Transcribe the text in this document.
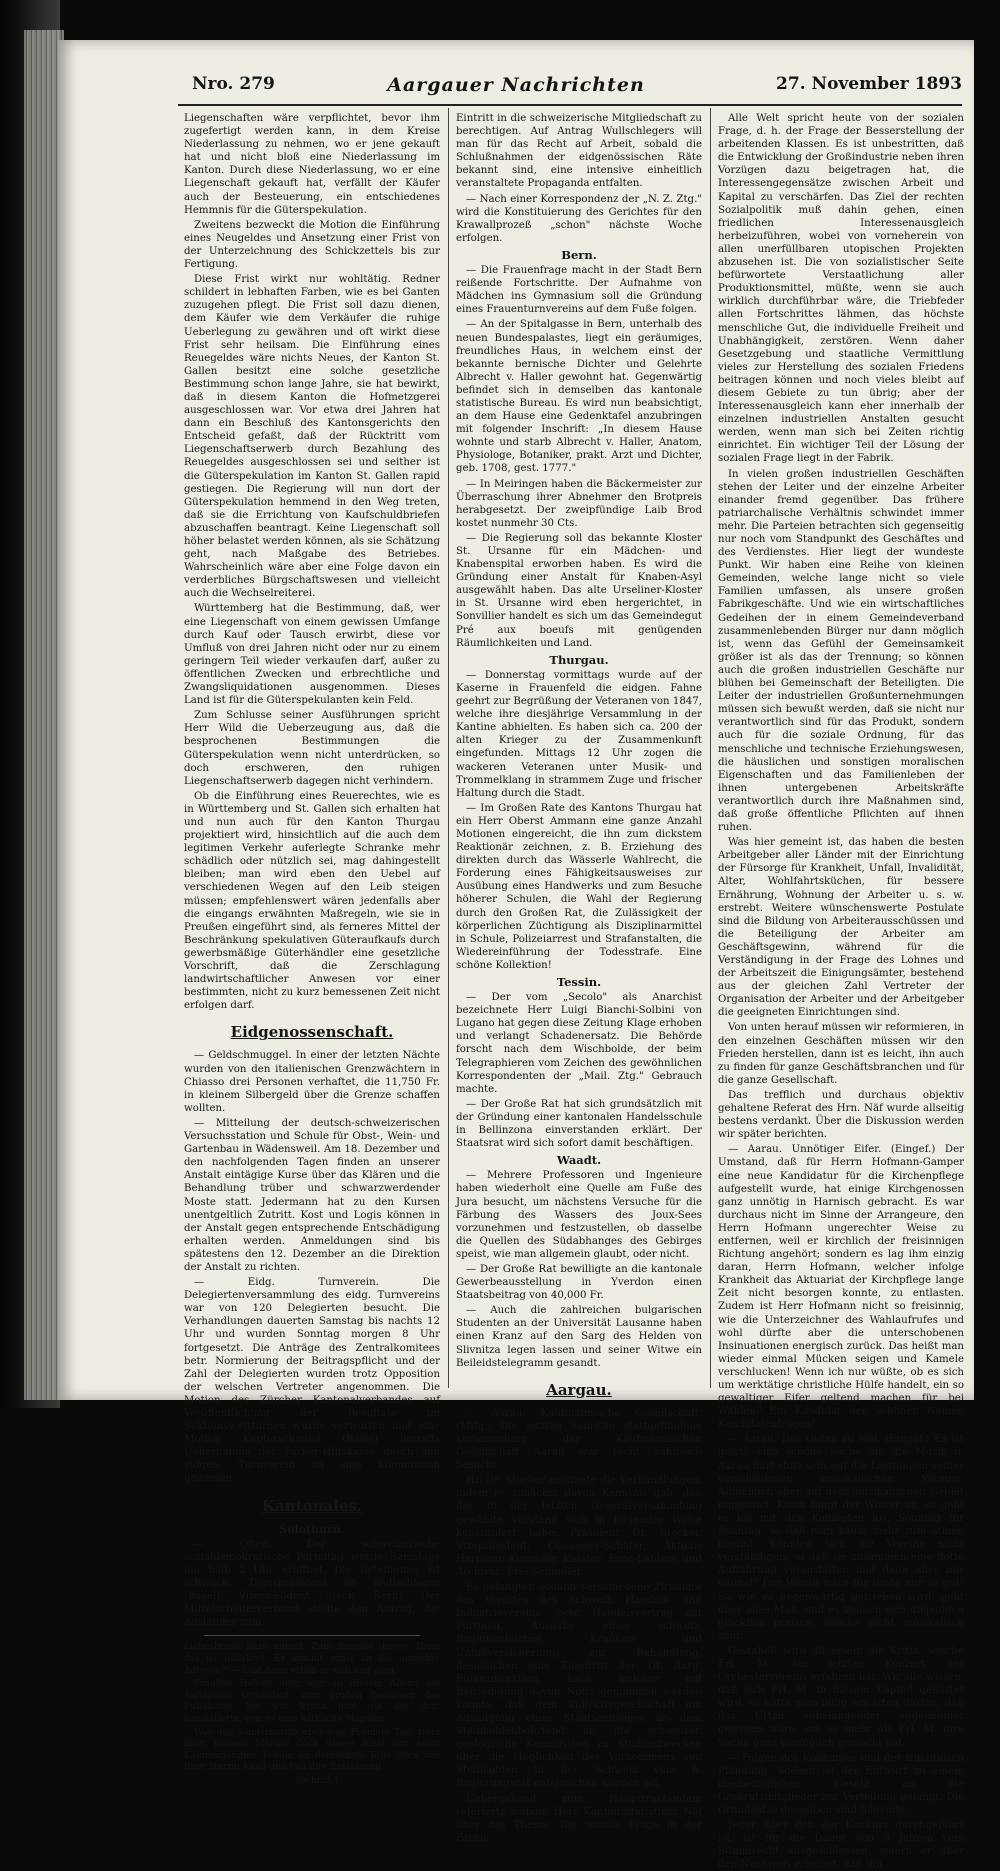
Nro. 279	Aargauer Nachrichten	27. November 1893

Liegenschaften wäre verpflichtet, bevor ihm zugefertigt werden kann, in dem Kreise Niederlassung zu nehmen, wo er jene gekauft hat und nicht bloß eine Niederlassung im Kanton. Durch diese Niederlassung, wo er eine Liegenschaft gekauft hat, verfällt der Käufer auch der Besteuerung, ein entschiedenes Hemmnis für die Güterspekulation.

Zweitens bezweckt die Motion die Einführung eines Neugeldes und Ansetzung einer Frist von der Unterzeichnung des Schickzettels bis zur Fertigung.

Diese Frist wirkt nur wohltätig. Redner schildert in lebhaften Farben, wie es bei Ganten zuzugehen pflegt. Die Frist soll dazu dienen, dem Käufer wie dem Verkäufer die ruhige Ueberlegung zu gewähren und oft wirkt diese Frist sehr heilsam. Die Einführung eines Reuegeldes wäre nichts Neues, der Kanton St. Gallen besitzt eine solche gesetzliche Bestimmung schon lange Jahre, sie hat bewirkt, daß in diesem Kanton die Hofmetzgerei ausgeschlossen war. Vor etwa drei Jahren hat dann ein Beschluß des Kantonsgerichts den Entscheid gefaßt, daß der Rücktritt vom Liegenschaftserwerb durch Bezahlung des Reuegeldes ausgeschlossen sei und seither ist die Güterspekulation im Kanton St. Gallen rapid gestiegen. Die Regierung will nun dort der Güterspekulation hemmend in den Weg treten, daß sie die Errichtung von Kaufschuldbriefen abzuschaffen beantragt. Keine Liegenschaft soll höher belastet werden können, als sie Schätzung geht, nach Maßgabe des Betriebes. Wahrscheinlich wäre aber eine Folge davon ein verderbliches Bürgschaftswesen und vielleicht auch die Wechselreiterei.

Württemberg hat die Bestimmung, daß, wer eine Liegenschaft von einem gewissen Umfange durch Kauf oder Tausch erwirbt, diese vor Umfluß von drei Jahren nicht oder nur zu einem geringern Teil wieder verkaufen darf, außer zu öffentlichen Zwecken und erbrechtliche und Zwangsliquidationen ausgenommen. Dieses Land ist für die Güterspekulanten kein Feld.

Zum Schlusse seiner Ausführungen spricht Herr Wild die Ueberzeugung aus, daß die besprochenen Bestimmungen die Güterspekulation wenn nicht unterdrücken, so doch erschweren, den ruhigen Liegenschaftserwerb dagegen nicht verhindern.

Ob die Einführung eines Reuerechtes, wie es in Württemberg und St. Gallen sich erhalten hat und nun auch für den Kanton Thurgau projektiert wird, hinsichtlich auf die auch dem legitimen Verkehr auferlegte Schranke mehr schädlich oder nützlich sei, mag dahingestellt bleiben; man wird eben den Uebel auf verschiedenen Wegen auf den Leib steigen müssen; empfehlenswert wären jedenfalls aber die eingangs erwähnten Maßregeln, wie sie in Preußen eingeführt sind, als ferneres Mittel der Beschränkung spekulativen Güteraufkaufs durch gewerbsmäßige Güterhändler eine gesetzliche Vorschrift, daß die Zerschlagung landwirtschaftlicher Anwesen vor einer bestimmten, nicht zu kurz bemessenen Zeit nicht erfolgen darf.

Eidgenossenschaft.

— Geldschmuggel. In einer der letzten Nächte wurden von den italienischen Grenzwächtern in Chiasso drei Personen verhaftet, die 11,750 Fr. in kleinem Silbergeld über die Grenze schaffen wollten.

— Mitteilung der deutsch-schweizerischen Versuchsstation und Schule für Obst-, Wein- und Gartenbau in Wädensweil. Am 18. Dezember und den nachfolgenden Tagen finden an unserer Anstalt eintägige Kurse über das Klären und die Behandlung trüber und schwarzwerdender Moste statt. Jedermann hat zu den Kursen unentgeltlich Zutritt. Kost und Logis können in der Anstalt gegen entsprechende Entschädigung erhalten werden. Anmeldungen sind bis spätestens den 12. Dezember an die Direktion der Anstalt zu richten.

— Eidg. Turnverein. Die Delegiertenversammlung des eidg. Turnvereins war von 120 Delegierten besucht. Die Verhandlungen dauerten Samstag bis nachts 12 Uhr und wurden Sonntag morgen 8 Uhr fortgesetzt. Die Anträge des Zentralkomitees betr. Normierung der Beitragspflicht und der Zahl der Delegierten wurden trotz Opposition der welschen Vertreter angenommen. Die Motion des Zürcher Kantonalverbandes auf Veröffentlichung der Resultate im Sektionswettturnen wurde verworfen und eine Motion Kupferschmied (Basel) betreffs Uebernahme der Turner-Hilfskasse durch den eidgen. Turnverein an eine Kommission gewiesen.

Kantonales.
Solothurn.

— Olten. Der schweizerische sozialdemokratische Parteitag wurde Samstags um halb 2 Uhr eröffnet. Die Beteiligung ist schwach. Tagespräsident ist Wullschleger (Basel), Vizepräsident Steck (Bern). Der Mittelarbeiterverband stellte den Antrag, die Ausländer zum

Liebesbriefe bazu nimmt. Zum Beispiel dieses. Denn das ist indiskret. Er kommt sonst an die unrechte Adresse!" — Und dann erhob er sich und ging.

Fräulein Helene aber war an diesem Abend am Aufstreten verhindert, zum großen Bedauern des Publikums. Sie war krank und wie der Arzt konstatierte, war es eine wirkliche Migräne.

Was das Sonderbarste aber war, Fräulein Tini, trotz ihrer kleinen Mängel doch dieses Ideal von einer Kammerjungfer, bekam an demselben Tage noch von ihrer Herrin Knall und Fall ihre Entlassung.

(Schluß.)

Eintritt in die schweizerische Mitgliedschaft zu berechtigen. Auf Antrag Wullschlegers will man für das Recht auf Arbeit, sobald die Schlußnahmen der eidgenössischen Räte bekannt sind, eine intensive einheitlich veranstaltete Propaganda entfalten.

— Nach einer Korrespondenz der „N. Z. Ztg." wird die Konstituierung des Gerichtes für den Krawallprozeß „schon" nächste Woche erfolgen.

Bern.

— Die Frauenfrage macht in der Stadt Bern reißende Fortschritte. Der Aufnahme von Mädchen ins Gymnasium soll die Gründung eines Frauenturnvereins auf dem Fuße folgen.

— An der Spitalgasse in Bern, unterhalb des neuen Bundespalastes, liegt ein geräumiges, freundliches Haus, in welchem einst der bekannte bernische Dichter und Gelehrte Albrecht v. Haller gewohnt hat. Gegenwärtig befindet sich in demselben das kantonale statistische Bureau. Es wird nun beabsichtigt, an dem Hause eine Gedenktafel anzubringen mit folgender Inschrift: „In diesem Hause wohnte und starb Albrecht v. Haller, Anatom, Physiologe, Botaniker, prakt. Arzt und Dichter, geb. 1708, gest. 1777."

— In Meiringen haben die Bäckermeister zur Überraschung ihrer Abnehmer den Brotpreis herabgesetzt. Der zweipfündige Laib Brod kostet nunmehr 30 Cts.

— Die Regierung soll das bekannte Kloster St. Ursanne für ein Mädchen- und Knabenspital erworben haben. Es wird die Gründung einer Anstalt für Knaben-Asyl ausgewählt haben. Das alte Urseliner-Kloster in St. Ursanne wird eben hergerichtet, in Sonvillier handelt es sich um das Gemeindegut Pré aux boeufs mit genügenden Räumlichkeiten und Land.

Thurgau.

— Donnerstag vormittags wurde auf der Kaserne in Frauenfeld die eidgen. Fahne geehrt zur Begrüßung der Veteranen von 1847, welche ihre diesjährige Versammlung in der Kantine abhielten. Es haben sich ca. 200 der alten Krieger zu der Zusammenkunft eingefunden. Mittags 12 Uhr zogen die wackeren Veteranen unter Musik- und Trommelklang in strammem Zuge und frischer Haltung durch die Stadt.

— Im Großen Rate des Kantons Thurgau hat ein Herr Oberst Ammann eine ganze Anzahl Motionen eingereicht, die ihn zum dickstem Reaktionär zeichnen, z. B. Erziehung des direkten durch das Wässerle Wahlrecht, die Forderung eines Fähigkeitsausweises zur Ausübung eines Handwerks und zum Besuche höherer Schulen, die Wahl der Regierung durch den Großen Rat, die Zulässigkeit der körperlichen Züchtigung als Disziplinarmittel in Schule, Polizeiarrest und Strafanstalten, die Wiedereinführung der Todesstrafe. Eine schöne Kollektion!

Tessin.

— Der vom „Secolo" als Anarchist bezeichnete Herr Luigi Bianchi-Solbini von Lugano hat gegen diese Zeitung Klage erhoben und verlangt Schadenersatz. Die Behörde forscht nach dem Wischbolde, der beim Telegraphieren vom Zeichen des gewöhnlichen Korrespondenten der „Mail. Ztg." Gebrauch machte.

— Der Große Rat hat sich grundsätzlich mit der Gründung einer kantonalen Handelsschule in Bellinzona einverstanden erklärt. Der Staatsrat wird sich sofort damit beschäftigen.

Waadt.

— Mehrere Professoren und Ingenieure haben wiederholt eine Quelle am Fuße des Jura besucht, um nächstens Versuche für die Färbung des Wassers des Joux-Sees vorzunehmen und festzustellen, ob dasselbe die Quellen des Südabhanges des Gebirges speist, wie man allgemein glaubt, oder nicht.

— Der Große Rat bewilligte an die kantonale Gewerbeausstellung in Yverdon einen Staatsbeitrag von 40,000 Fr.

— Auch die zahlreichen bulgarischen Studenten an der Universität Lausanne haben einen Kranz auf den Sarg des Helden von Slivnitza legen lassen und seiner Witwe ein Beileidstelegramm gesandt.

Aargau.

— Aarau. Kaufmännische Gesellschaft. (Mitg.) Die letzten Samstag stattgefundene Versammlung der Kaufmännischen Gesellschaft Aarau war recht zahlreich besucht.

Hr. Dr. Stocker eröffnete die Verhandlungen, indem er zunächst davon Kenntnis gab, daß der in der letzten Generalversammlung gewählte Vorstand sich in folgender Weise konstituiert habe: Präsident Dr. Stocker, Vizepräsident: Oboussier-Schäfer, Aktuar: Hermann Kummler, Kassier: Erne-Leblanc und Archivar: Frei-Schindler.

Es gelangten sodann verschiedene Zirkulare des Vorortes des Schweiz. Handels- und Industrievereins (betr. Handelsvertrag mit Portugal, Ausgabe eines schweiz. Regionenbuches, Kranken- und Unfallversicherung) zur Behandlung; desgleichen eine Zuschrift der Tit. Aarg. Finanzdirektion, nach welcher mit Befriedigung davon Notiz genommen werden konnte, daß dem Kollektivgesellschaft um Ausfolgung eines Staatsbeitrages an dem Steinkohlenbohrfond an die schweizer. geologische Kommission zu Studienzwecken über die Möglichkeit des Vorkommens von Steinkohlen in der Schweiz vom h. Regierungsrat entsprochen worden sei.

Uebergehend zum Haupttraktandum referierte sodann Herr Kantonsstatistiker Näf über das Thema: Die soziale Frage in der Fabrik.

Alle Welt spricht heute von der sozialen Frage, d. h. der Frage der Besserstellung der arbeitenden Klassen. Es ist unbestritten, daß die Entwicklung der Großindustrie neben ihren Vorzügen dazu beigetragen hat, die Interessengegensätze zwischen Arbeit und Kapital zu verschärfen. Das Ziel der rechten Sozialpolitik muß dahin gehen, einen friedlichen Interessenausgleich herbeizuführen, wobei von vorneherein von allen unerfüllbaren utopischen Projekten abzusehen ist. Die von sozialistischer Seite befürwortete Verstaatlichung aller Produktionsmittel, müßte, wenn sie auch wirklich durchführbar wäre, die Triebfeder allen Fortschrittes lähmen, das höchste menschliche Gut, die individuelle Freiheit und Unabhängigkeit, zerstören. Wenn daher Gesetzgebung und staatliche Vermittlung vieles zur Herstellung des sozialen Friedens beitragen können und noch vieles bleibt auf diesem Gebiete zu tun übrig; aber der Interessenausgleich kann eher innerhalb der einzelnen industriellen Anstalten gesucht werden, wenn man sich bei Zeiten richtig einrichtet. Ein wichtiger Teil der Lösung der sozialen Frage liegt in der Fabrik.

In vielen großen industriellen Geschäften stehen der Leiter und der einzelne Arbeiter einander fremd gegenüber. Das frühere patriarchalische Verhältnis schwindet immer mehr. Die Parteien betrachten sich gegenseitig nur noch vom Standpunkt des Geschäftes und des Verdienstes. Hier liegt der wundeste Punkt. Wir haben eine Reihe von kleinen Gemeinden, welche lange nicht so viele Familien umfassen, als unsere großen Fabrikgeschäfte. Und wie ein wirtschaftliches Gedeihen der in einem Gemeindeverband zusammenlebenden Bürger nur dann möglich ist, wenn das Gefühl der Gemeinsamkeit größer ist als das der Trennung; so können auch die großen industriellen Geschäfte nur blühen bei Gemeinschaft der Beteiligten. Die Leiter der industriellen Großunternehmungen müssen sich bewußt werden, daß sie nicht nur verantwortlich sind für das Produkt, sondern auch für die soziale Ordnung, für das menschliche und technische Erziehungswesen, die häuslichen und sonstigen moralischen Eigenschaften und das Familienleben der ihnen untergebenen Arbeitskräfte verantwortlich durch ihre Maßnahmen sind, daß große öffentliche Pflichten auf ihnen ruhen.

Was hier gemeint ist, das haben die besten Arbeitgeber aller Länder mit der Einrichtung der Fürsorge für Krankheit, Unfall, Invalidität, Alter, Wohlfahrtsküchen, für bessere Ernährung, Wohnung der Arbeiter u. s. w. erstrebt. Weitere wünschenswerte Postulate sind die Bildung von Arbeiterausschüssen und die Beteiligung der Arbeiter am Geschäftsgewinn, während für die Verständigung in der Frage des Lohnes und der Arbeitszeit die Einigungsämter, bestehend aus der gleichen Zahl Vertreter der Organisation der Arbeiter und der Arbeitgeber die geeigneten Einrichtungen sind.

Von unten herauf müssen wir reformieren, in den einzelnen Geschäften müssen wir den Frieden herstellen, dann ist es leicht, ihn auch zu finden für ganze Geschäftsbranchen und für die ganze Gesellschaft.

Das trefflich und durchaus objektiv gehaltene Referat des Hrn. Näf wurde allseitig bestens verdankt. Über die Diskussion werden wir später berichten.

— Aarau. Unnötiger Eifer. (Eingef.) Der Umstand, daß für Herrn Hofmann-Gamper eine neue Kandidatur für die Kirchenpflege aufgestellt wurde, hat einige Kirchgenossen ganz unnötig in Harnisch gebracht. Es war durchaus nicht im Sinne der Arrangeure, den Herrn Hofmann ungerechter Weise zu entfernen, weil er kirchlich der freisinnigen Richtung angehört; sondern es lag ihm einzig daran, Herrn Hofmann, welcher infolge Krankheit das Aktuariat der Kirchpflege lange Zeit nicht besorgen konnte, zu entlasten. Zudem ist Herr Hofmann nicht so freisinnig, wie die Unterzeichner des Wahlaufrufes und wohl dürfte aber die unterschobenen Insinuationen energisch zurück. Das heißt man wieder einmal Mücken seigen und Kamele verschlucken! Wenn ich nur wüßte, ob es sich um werktätige christliche Hülfe handelt, ein so gewaltiger Eifer geltend machen für bei Wahlen? Ein Kandidat den schönen Namen Kandidatenfragen!

— Aarau. Des Guten zu viel. (Eingef.) Es ist gewiß eine schöne Sache um die Musik u. Aarau darf stolz sein auf die Leistungen seiner verschiedenen musikalischen Vereine. Allmählich aber auf dem musikalischen Gebiet ungesund. Kaum fängt der Winter an, so geht es los mit den Konzerten los, Sonntag für Sonntag, so daß man kaum mehr zum atmen kommt. Könnten sich die Vereine nicht verständigen, so daß sie zusammen eine flotte Aufführung veranstalten und dann aber nur einmal? Der Verein wäre für beide nur so gut! So wie es gegenwärtig getrieben wird, geht über alles Maß, und es können sich diejenigen glücklich preisen, welche nicht musikalisch sind.

Gestabelt wird allgemein die Kritik, welche Frl. M. am letzten Konzert des Orchestervereins erfahren hat. Wir alle wissen, daß sich Frl. M. in diesem Kapitel geleistet wird, so hätte man billig erwarten dürfen, daß das Urteil anbelangender angenehmer gewesen wäre, um so mehr als Frl. M. ihre Sache ganz vorzüglich gemacht hat.

— Folgen des Konkurses und der fruchtlosen Pfändung. Soeben ist der Entwurf zu einem diesbezüglichen Gesetz an die Großratsmitglieder zur Verteilung gelangt. Die Grundsätze desselben sind folgende:

Jeder, über den der Konkurs durchgeführt ist, ist für die Dauer von 3 Jahren vom Stimmrecht ausgeschlossen, sofern er über den Nachweis erbringt, daß ihn
